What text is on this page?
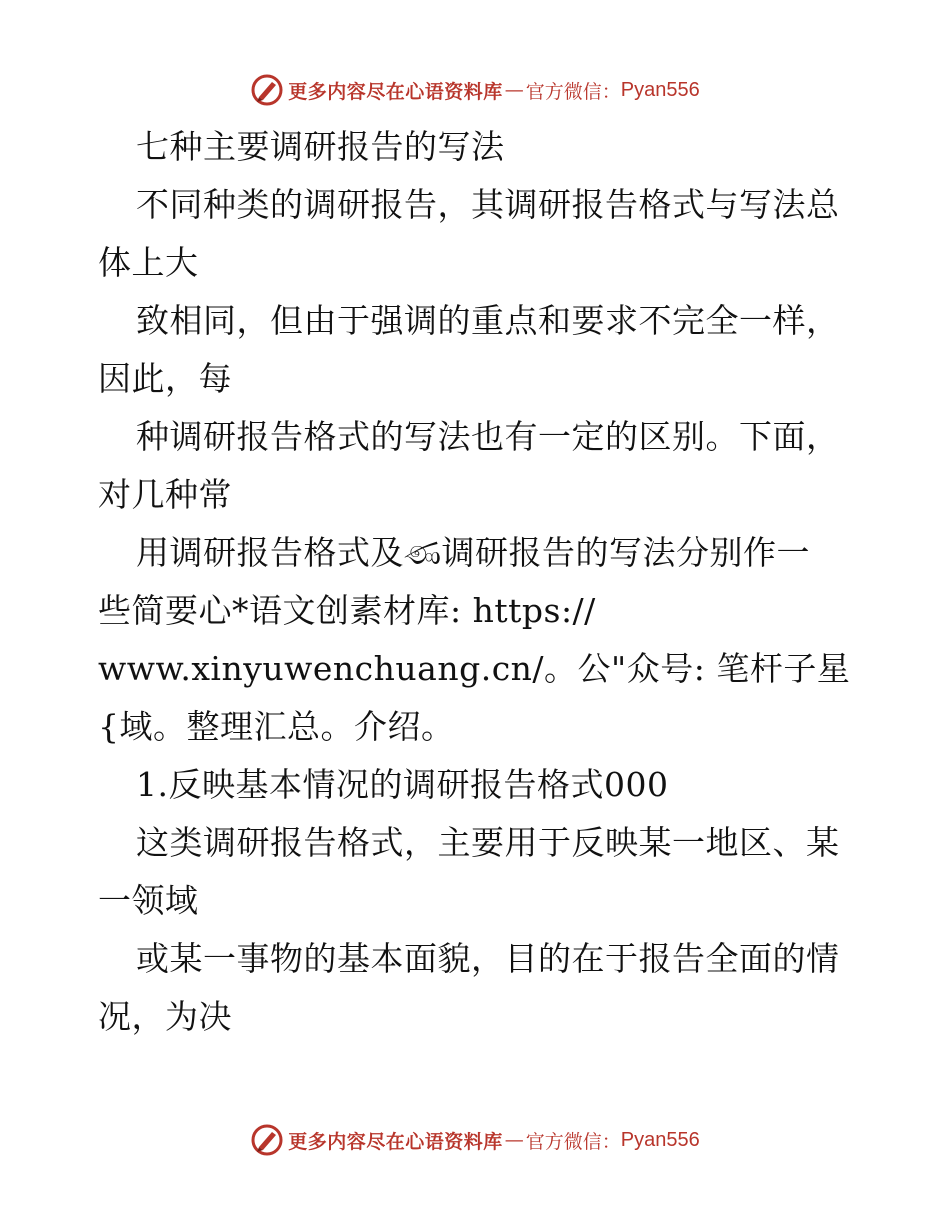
更多内容尽在心语资料库 — 官方微信： Pyan556
七种主要调研报告的写法
不同种类的调研报告，其调研报告格式与写法总
体上大
致相同，但由于强调的重点和要求不完全一样，
因此，每
种调研报告格式的写法也有一定的区别。下面，
对几种常
用调研报告格式及ණ调研报告的写法分别作一
些简要心*语文创素材库: https://
www.xinyuwenchuang.cn/。公"众号: 笔杆子星
{域。整理汇总。介绍。
1.反映基本情况的调研报告格式000
这类调研报告格式，主要用于反映某一地区、某
一领域
或某一事物的基本面貌，目的在于报告全面的情
况，为决
更多内容尽在心语资料库 — 官方微信： Pyan556
